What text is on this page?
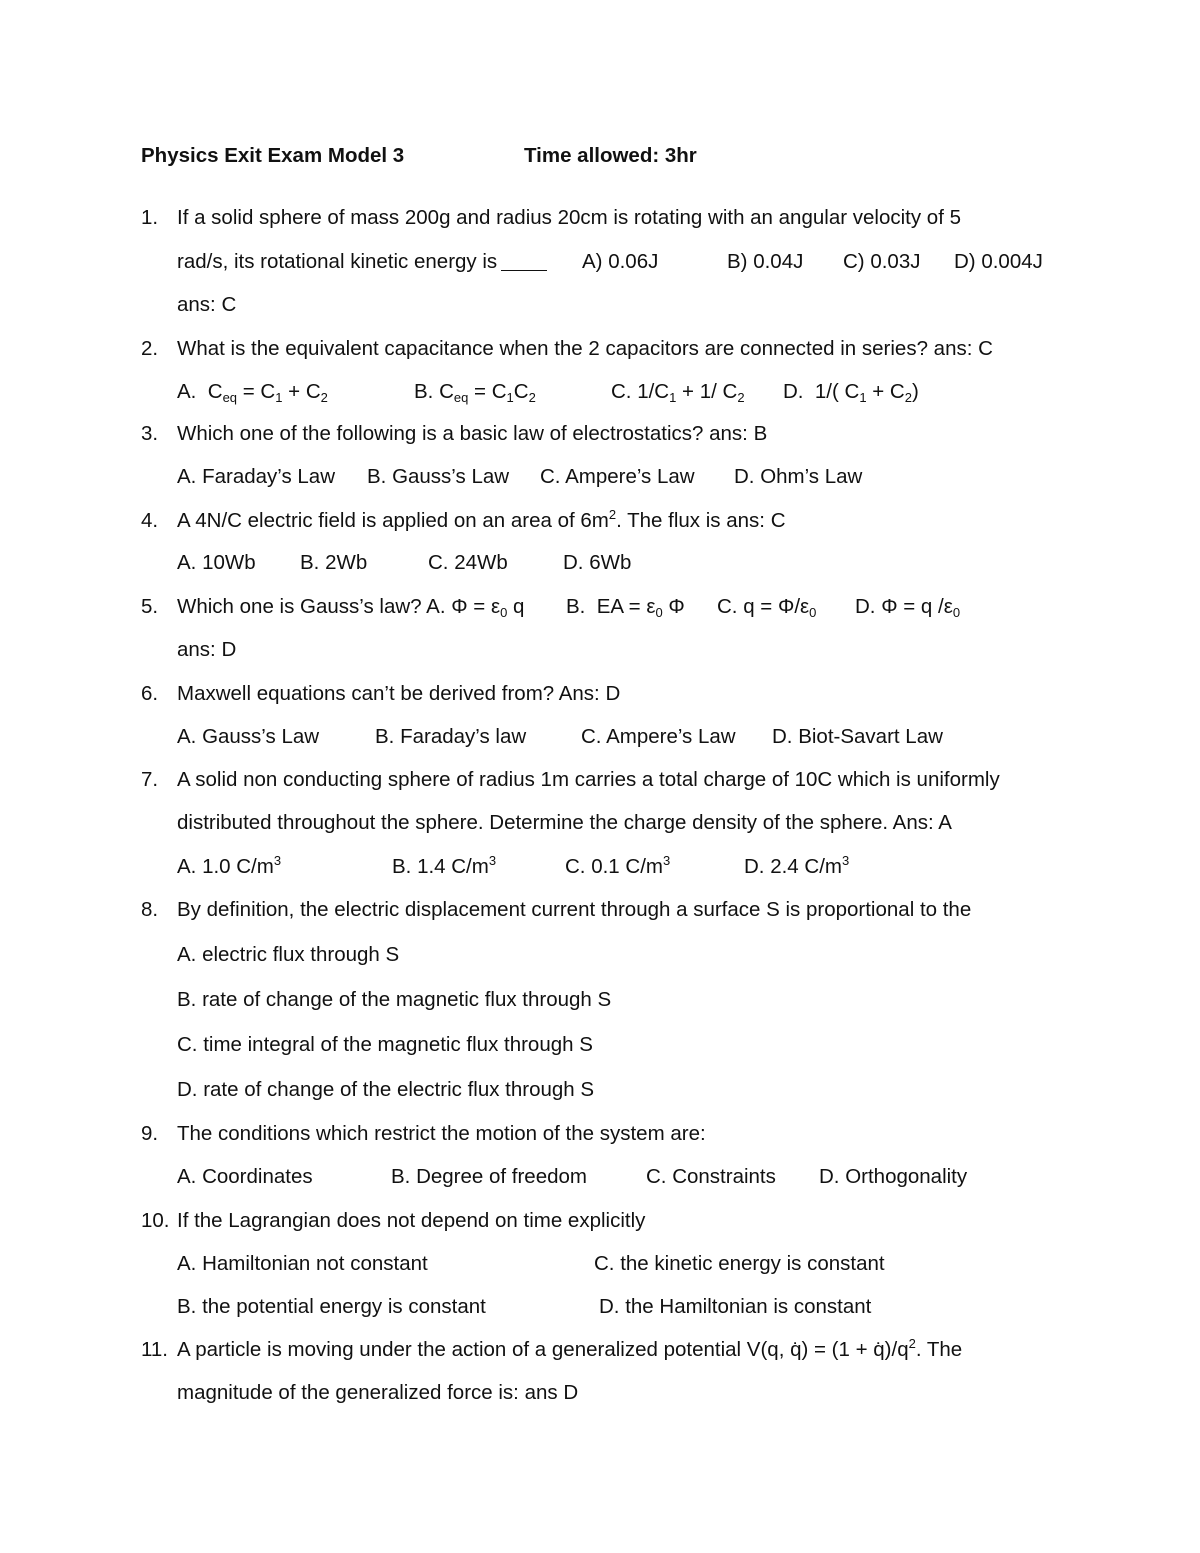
Physics Exit Exam Model 3	Time allowed: 3hr
1. If a solid sphere of mass 200g and radius 20cm is rotating with an angular velocity of 5
rad/s, its rotational kinetic energy is	A) 0.06J	B) 0.04J C) 0.03J D) 0.004J
ans: C
2. What is the equivalent capacitance when the 2 capacitors are connected in series? ans: C
A.  $C_{eq} = C_1 + C_2$	B. $C_{eq} = C_1C_2$	C. $1/C_1 + 1/$ $C_2$ D.  1/( $C_1 + C_2$)
3. Which one of the following is a basic law of electrostatics? ans: B
A. Faraday’s Law B. Gauss’s Law C. Ampere’s Law D. Ohm’s Law
4. A 4N/C electric field is applied on an area of $6m^2$. The flux is ans: C
A. 10Wb B. 2Wb	C. 24Wb	D. 6Wb
5. Which one is Gauss’s law? A. $\Phi = \varepsilon_0$ q B.  EA = $\varepsilon_0$ Φ C. $q = \Phi/\varepsilon_0$ D. Φ = q $/\varepsilon_0$
ans: D
6. Maxwell equations can’t be derived from? Ans: D
A. Gauss’s Law	B. Faraday’s law	C. Ampere’s Law D. Biot-Savart Law
7. A solid non conducting sphere of radius 1m carries a total charge of 10C which is uniformly
distributed throughout the sphere. Determine the charge density of the sphere. Ans: A
A. 1.0 $C/m^3$	B. 1.4 $C/m^3$	C. 0.1 $C/m^3$	D. 2.4 $C/m^3$
8. By definition, the electric displacement current through a surface S is proportional to the
A. electric flux through S
B. rate of change of the magnetic flux through S
C. time integral of the magnetic flux through S
D. rate of change of the electric flux through S
9. The conditions which restrict the motion of the system are:
A. Coordinates	B. Degree of freedom	C. Constraints D. Orthogonality
10. If the Lagrangian does not depend on time explicitly
A. Hamiltonian not constant	C. the kinetic energy is constant
B. the potential energy is constant	D. the Hamiltonian is constant
11. A particle is moving under the action of a generalized potential V(q, q̇) = $(1 + q̇)/q^2$. The
magnitude of the generalized force is: ans D
